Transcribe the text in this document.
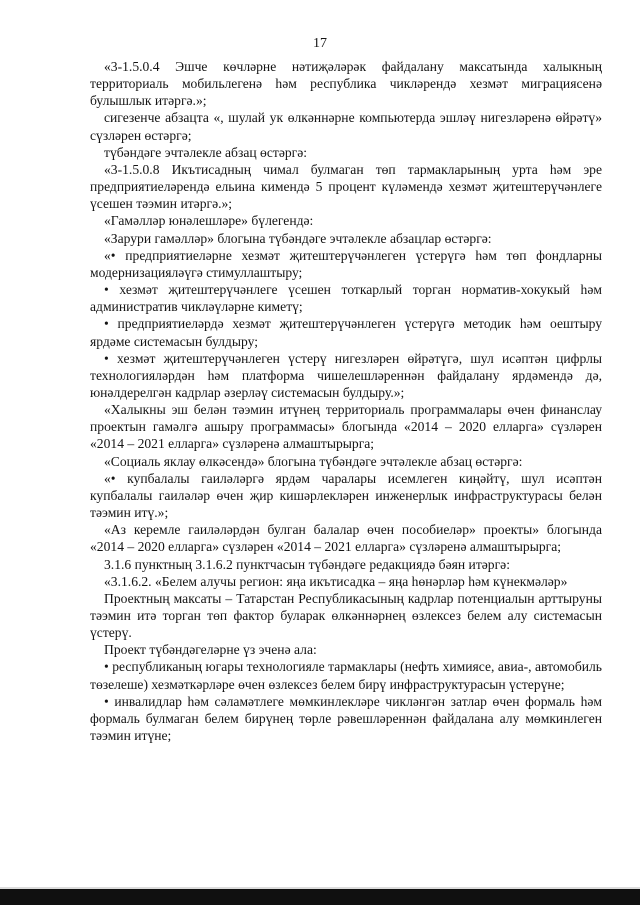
17

«3-1.5.0.4 Эшче көчләрне нәтиҗәләрәк файдалану максатында халыкның территориаль мобильлегенә һәм республика чикләрендә хезмәт миграциясенә булышлык итәргә.»;

сигезенче абзацта «, шулай ук өлкәннәрне компьютерда эшләү нигезләренә өйрәтү» сүзләрен өстәргә;

түбәндәге эчтәлекле абзац өстәргә:

«3-1.5.0.8 Икътисадның чимал булмаган төп тармакларының урта һәм эре предприятиеләрендә ельина кимендә 5 процент күләмендә хезмәт җитештерүчәнлеге үсешен тәэмин итәргә.»;

«Гамәлләр юнәлешләре» бүлегендә:

«Зарури гамәлләр» блогына түбәндәге эчтәлекле абзацлар өстәргә:

«• предприятиеләрне хезмәт җитештерүчәнлеген үстерүгә һәм төп фондларны модернизацияләүгә стимуллаштыру;

• хезмәт җитештерүчәнлеге үсешен тоткарлый торган норматив-хокукый һәм административ чикләүләрне киметү;

• предприятиеләрдә хезмәт җитештерүчәнлеген үстерүгә методик һәм оештыру ярдәме системасын булдыру;

• хезмәт җитештерүчәнлеген үстерү нигезләрен өйрәтүгә, шул исәптән цифрлы технологияләрдән һәм платформа чишелешләреннән файдалану ярдәмендә дә, юнәлдерелгән кадрлар әзерләү системасын булдыру.»;

«Халыкны эш белән тәэмин итүнең территориаль программалары өчен финанслау проектын гамәлгә ашыру программасы» блогында «2014 – 2020 елларга» сүзләрен «2014 – 2021 елларга» сүзләренә алмаштырырга;

«Социаль яклау өлкәсендә» блогына түбәндәге эчтәлекле абзац өстәргә:

«• купбалалы гаиләләргә ярдәм чаралары исемлеген киңәйтү, шул исәптән купбалалы гаиләләр өчен җир кишәрлекләрен инженерлык инфраструктурасы белән тәэмин итү.»;

«Аз керемле гаиләләрдән булган балалар өчен пособиеләр» проекты» блогында «2014 – 2020 елларга» сүзләрен «2014 – 2021 елларга» сүзләренә алмаштырырга;

3.1.6 пунктның 3.1.6.2 пунктчасын түбәндәге редакциядә бәян итәргә:

«3.1.6.2. «Белем алучы регион: яңа икътисадка – яңа һөнәрләр һәм күнекмәләр»

Проектның максаты – Татарстан Республикасының кадрлар потенциалын арттыруны тәэмин итә торган төп фактор буларак өлкәннәрнең өзлексез белем алу системасын үстерү.

Проект түбәндәгеләрне үз эченә ала:

• республиканың югары технологияле тармаклары (нефть химиясе, авиа-, автомобиль төзелеше) хезмәткәрләре өчен өзлексез белем бирү инфраструктурасын үстерүне;

• инвалидлар һәм сәламәтлеге мөмкинлекләре чикләнгән затлар өчен формаль һәм формаль булмаган белем бирүнең төрле рәвешләреннән файдалана алу мөмкинлеген тәэмин итүне;
